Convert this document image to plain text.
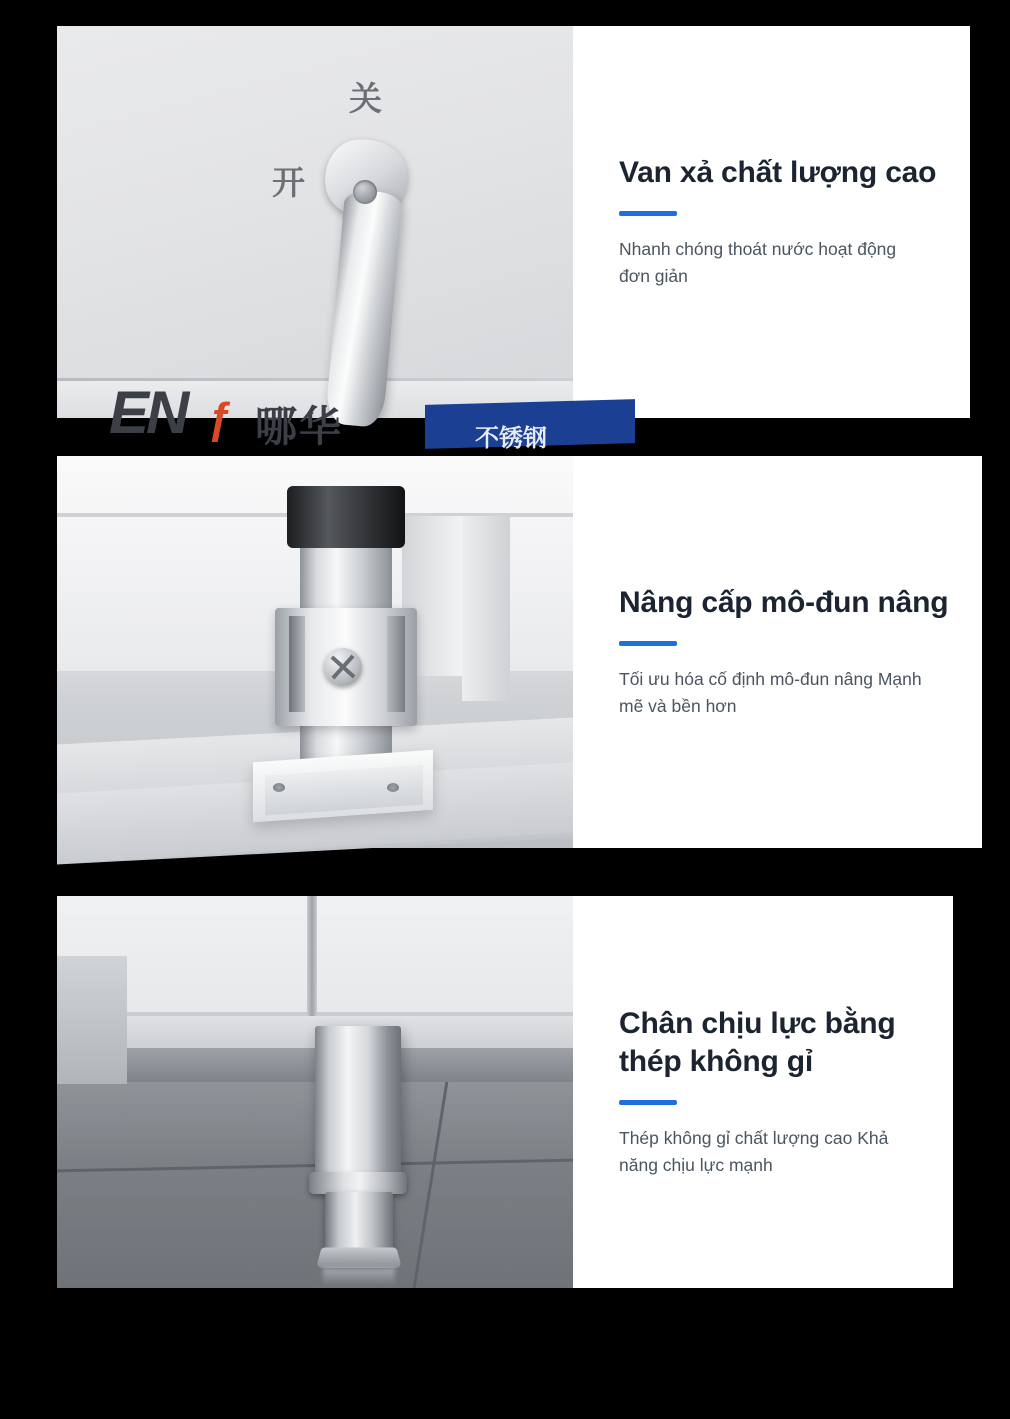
关
开
EN ƒ 哪华	不锈钢
Van xả chất lượng cao
Nhanh chóng thoát nước hoạt động đơn giản
Nâng cấp mô-đun nâng
Tối ưu hóa cố định mô-đun nâng Mạnh mẽ và bền hơn
Chân chịu lực bằng thép không gỉ
Thép không gỉ chất lượng cao Khả năng chịu lực mạnh
